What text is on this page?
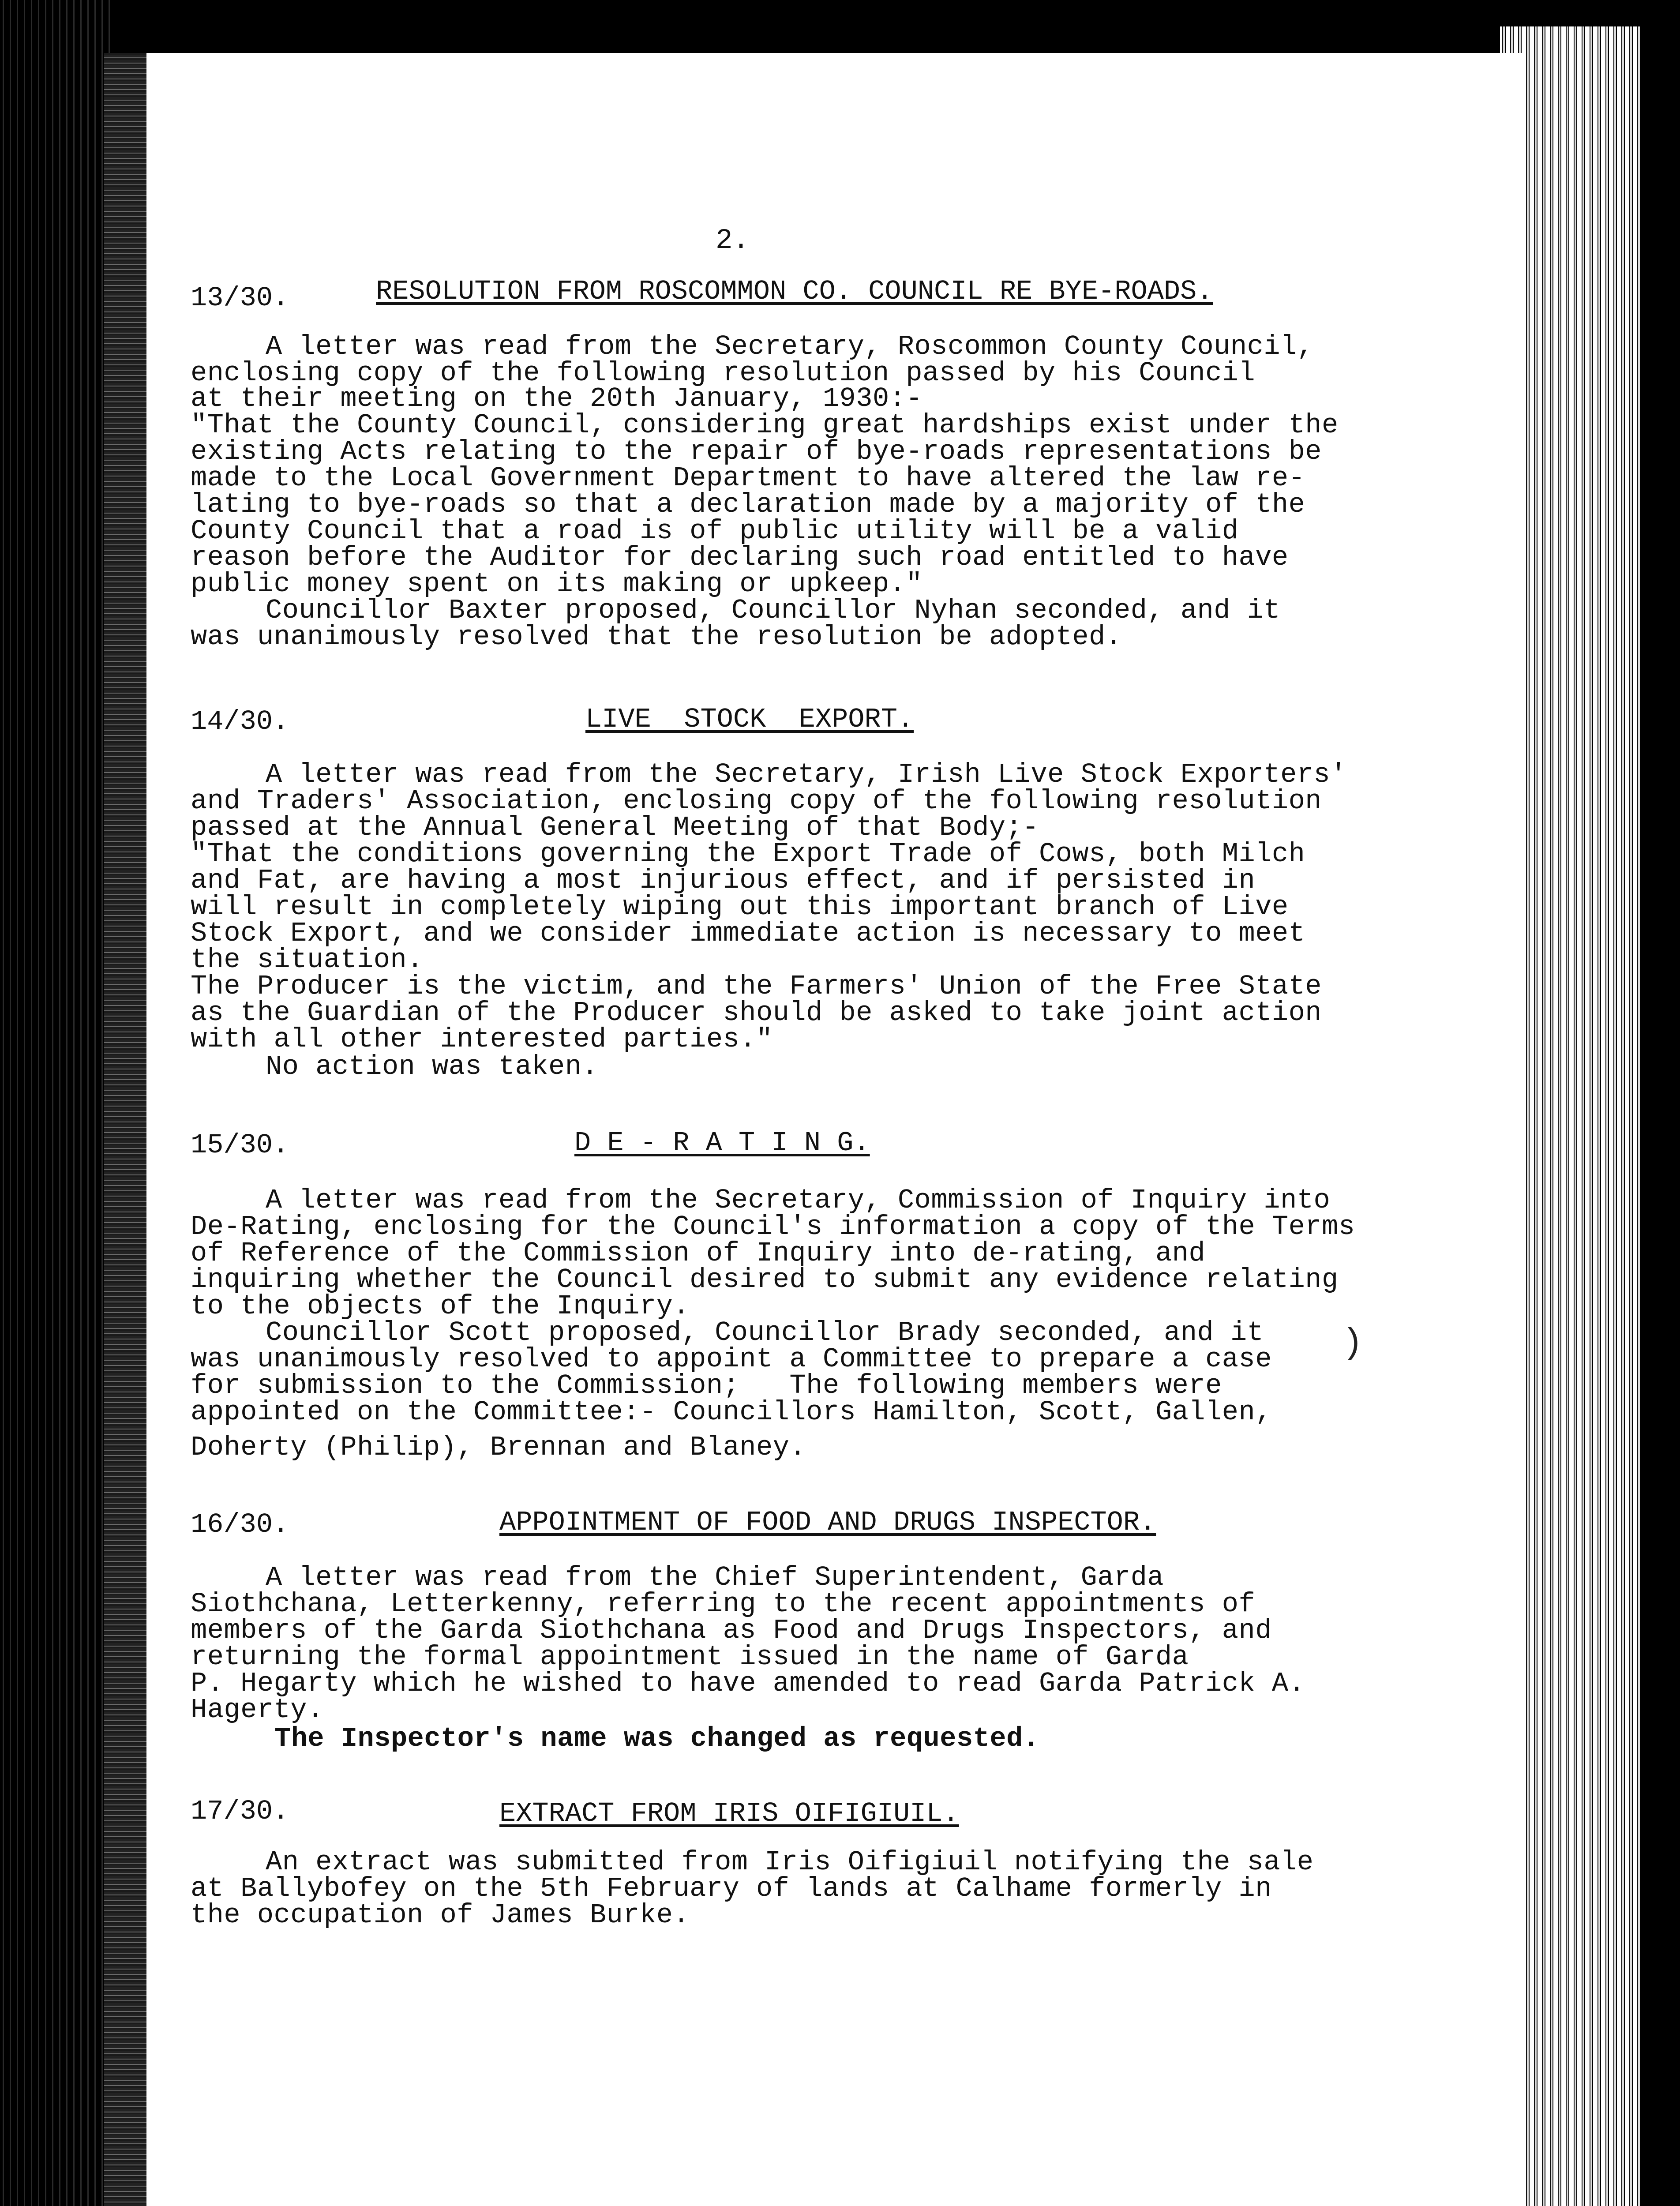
2.
13/30.	RESOLUTION FROM ROSCOMMON CO. COUNCIL RE BYE-ROADS.
A letter was read from the Secretary, Roscommon County Council,
enclosing copy of the following resolution passed by his Council
at their meeting on the 20th January, 1930:-
"That the County Council, considering great hardships exist under the
existing Acts relating to the repair of bye-roads representations be
made to the Local Government Department to have altered the law re-
lating to bye-roads so that a declaration made by a majority of the
County Council that a road is of public utility will be a valid
reason before the Auditor for declaring such road entitled to have
public money spent on its making or upkeep."
Councillor Baxter proposed, Councillor Nyhan seconded, and it
was unanimously resolved that the resolution be adopted.
14/30.	LIVE  STOCK  EXPORT.
A letter was read from the Secretary, Irish Live Stock Exporters'
and Traders' Association, enclosing copy of the following resolution
passed at the Annual General Meeting of that Body;-
"That the conditions governing the Export Trade of Cows, both Milch
and Fat, are having a most injurious effect, and if persisted in
will result in completely wiping out this important branch of Live
Stock Export, and we consider immediate action is necessary to meet
the situation.
The Producer is the victim, and the Farmers' Union of the Free State
as the Guardian of the Producer should be asked to take joint action
with all other interested parties."
No action was taken.
15/30.	D E - R A T I N G.
A letter was read from the Secretary, Commission of Inquiry into
De-Rating, enclosing for the Council's information a copy of the Terms
of Reference of the Commission of Inquiry into de-rating, and
inquiring whether the Council desired to submit any evidence relating
to the objects of the Inquiry.
Councillor Scott proposed, Councillor Brady seconded, and it
was unanimously resolved to appoint a Committee to prepare a case
for submission to the Commission;   The following members were
appointed on the Committee:- Councillors Hamilton, Scott, Gallen,
Doherty (Philip), Brennan and Blaney.
)
16/30.	APPOINTMENT OF FOOD AND DRUGS INSPECTOR.
A letter was read from the Chief Superintendent, Garda
Siothchana, Letterkenny, referring to the recent appointments of
members of the Garda Siothchana as Food and Drugs Inspectors, and
returning the formal appointment issued in the name of Garda
P. Hegarty which he wished to have amended to read Garda Patrick A.
Hagerty.
The Inspector's name was changed as requested.
17/30.	EXTRACT FROM IRIS OIFIGIUIL.
An extract was submitted from Iris Oifigiuil notifying the sale
at Ballybofey on the 5th February of lands at Calhame formerly in
the occupation of James Burke.
